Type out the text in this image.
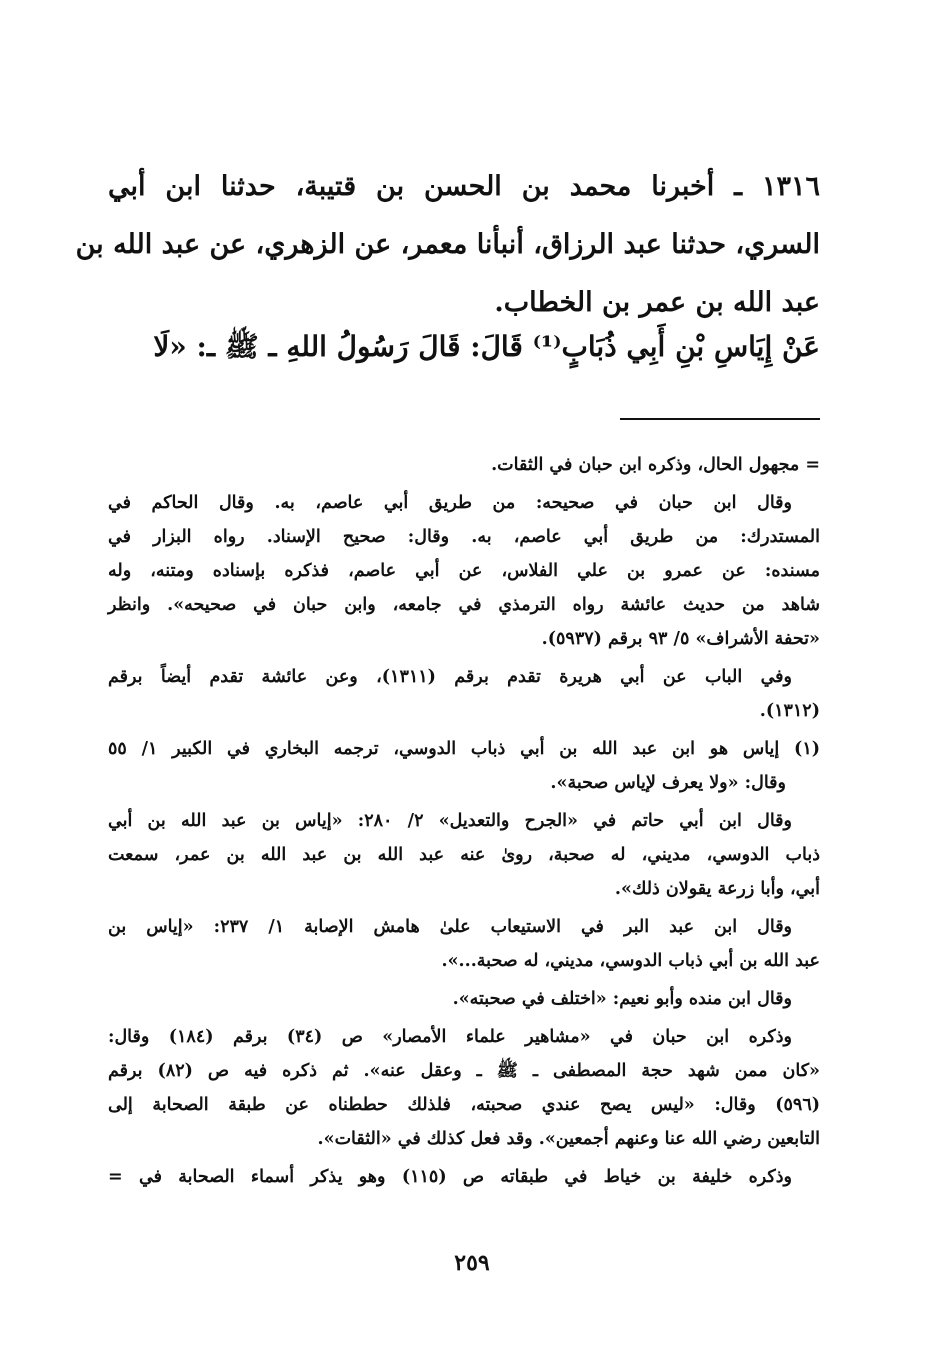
١٣١٦ ـ أخبرنا محمد بن الحسن بن قتيبة، حدثنا ابن أبي
السري، حدثنا عبد الرزاق، أنبأنا معمر، عن الزهري، عن عبد الله بن
عبد الله بن عمر بن الخطاب.
عَنْ إِيَاسِ بْنِ أَبِي ذُبَابٍ⁽¹⁾ قَالَ: قَالَ رَسُولُ اللهِ ـ ﷺ ـ: «لَا
= مجهول الحال، وذكره ابن حبان في الثقات.
وقال ابن حبان في صحيحه: من طريق أبي عاصم، به. وقال الحاكم في
المستدرك: من طريق أبي عاصم، به. وقال: صحيح الإسناد. رواه البزار في
مسنده: عن عمرو بن علي الفلاس، عن أبي عاصم، فذكره بإسناده ومتنه، وله
شاهد من حديث عائشة رواه الترمذي في جامعه، وابن حبان في صحيحه». وانظر
«تحفة الأشراف» ٥/ ٩٣ برقم (٥٩٣٧).
وفي الباب عن أبي هريرة تقدم برقم (١٣١١)، وعن عائشة تقدم أيضاً برقم
(١٣١٢).
(١) إياس هو ابن عبد الله بن أبي ذباب الدوسي، ترجمه البخاري في الكبير ١/ ٥٥
وقال: «ولا يعرف لإياس صحبة».
وقال ابن أبي حاتم في «الجرح والتعديل» ٢/ ٢٨٠: «إياس بن عبد الله بن أبي
ذباب الدوسي، مديني، له صحبة، روىٰ عنه عبد الله بن عبد الله بن عمر، سمعت
أبي، وأبا زرعة يقولان ذلك».
وقال ابن عبد البر في الاستيعاب علىٰ هامش الإصابة ١/ ٢٣٧: «إياس بن
عبد الله بن أبي ذباب الدوسي، مديني، له صحبة...».
وقال ابن منده وأبو نعيم: «اختلف في صحبته».
وذكره ابن حبان في «مشاهير علماء الأمصار» ص (٣٤) برقم (١٨٤) وقال:
«كان ممن شهد حجة المصطفى ـ ﷺ ـ وعقل عنه». ثم ذكره فيه ص (٨٢) برقم
(٥٩٦) وقال: «ليس يصح عندي صحبته، فلذلك حططناه عن طبقة الصحابة إلى
التابعين رضي الله عنا وعنهم أجمعين». وقد فعل كذلك في «الثقات».
وذكره خليفة بن خياط في طبقاته ص (١١٥) وهو يذكر أسماء الصحابة في =
٢٥٩
